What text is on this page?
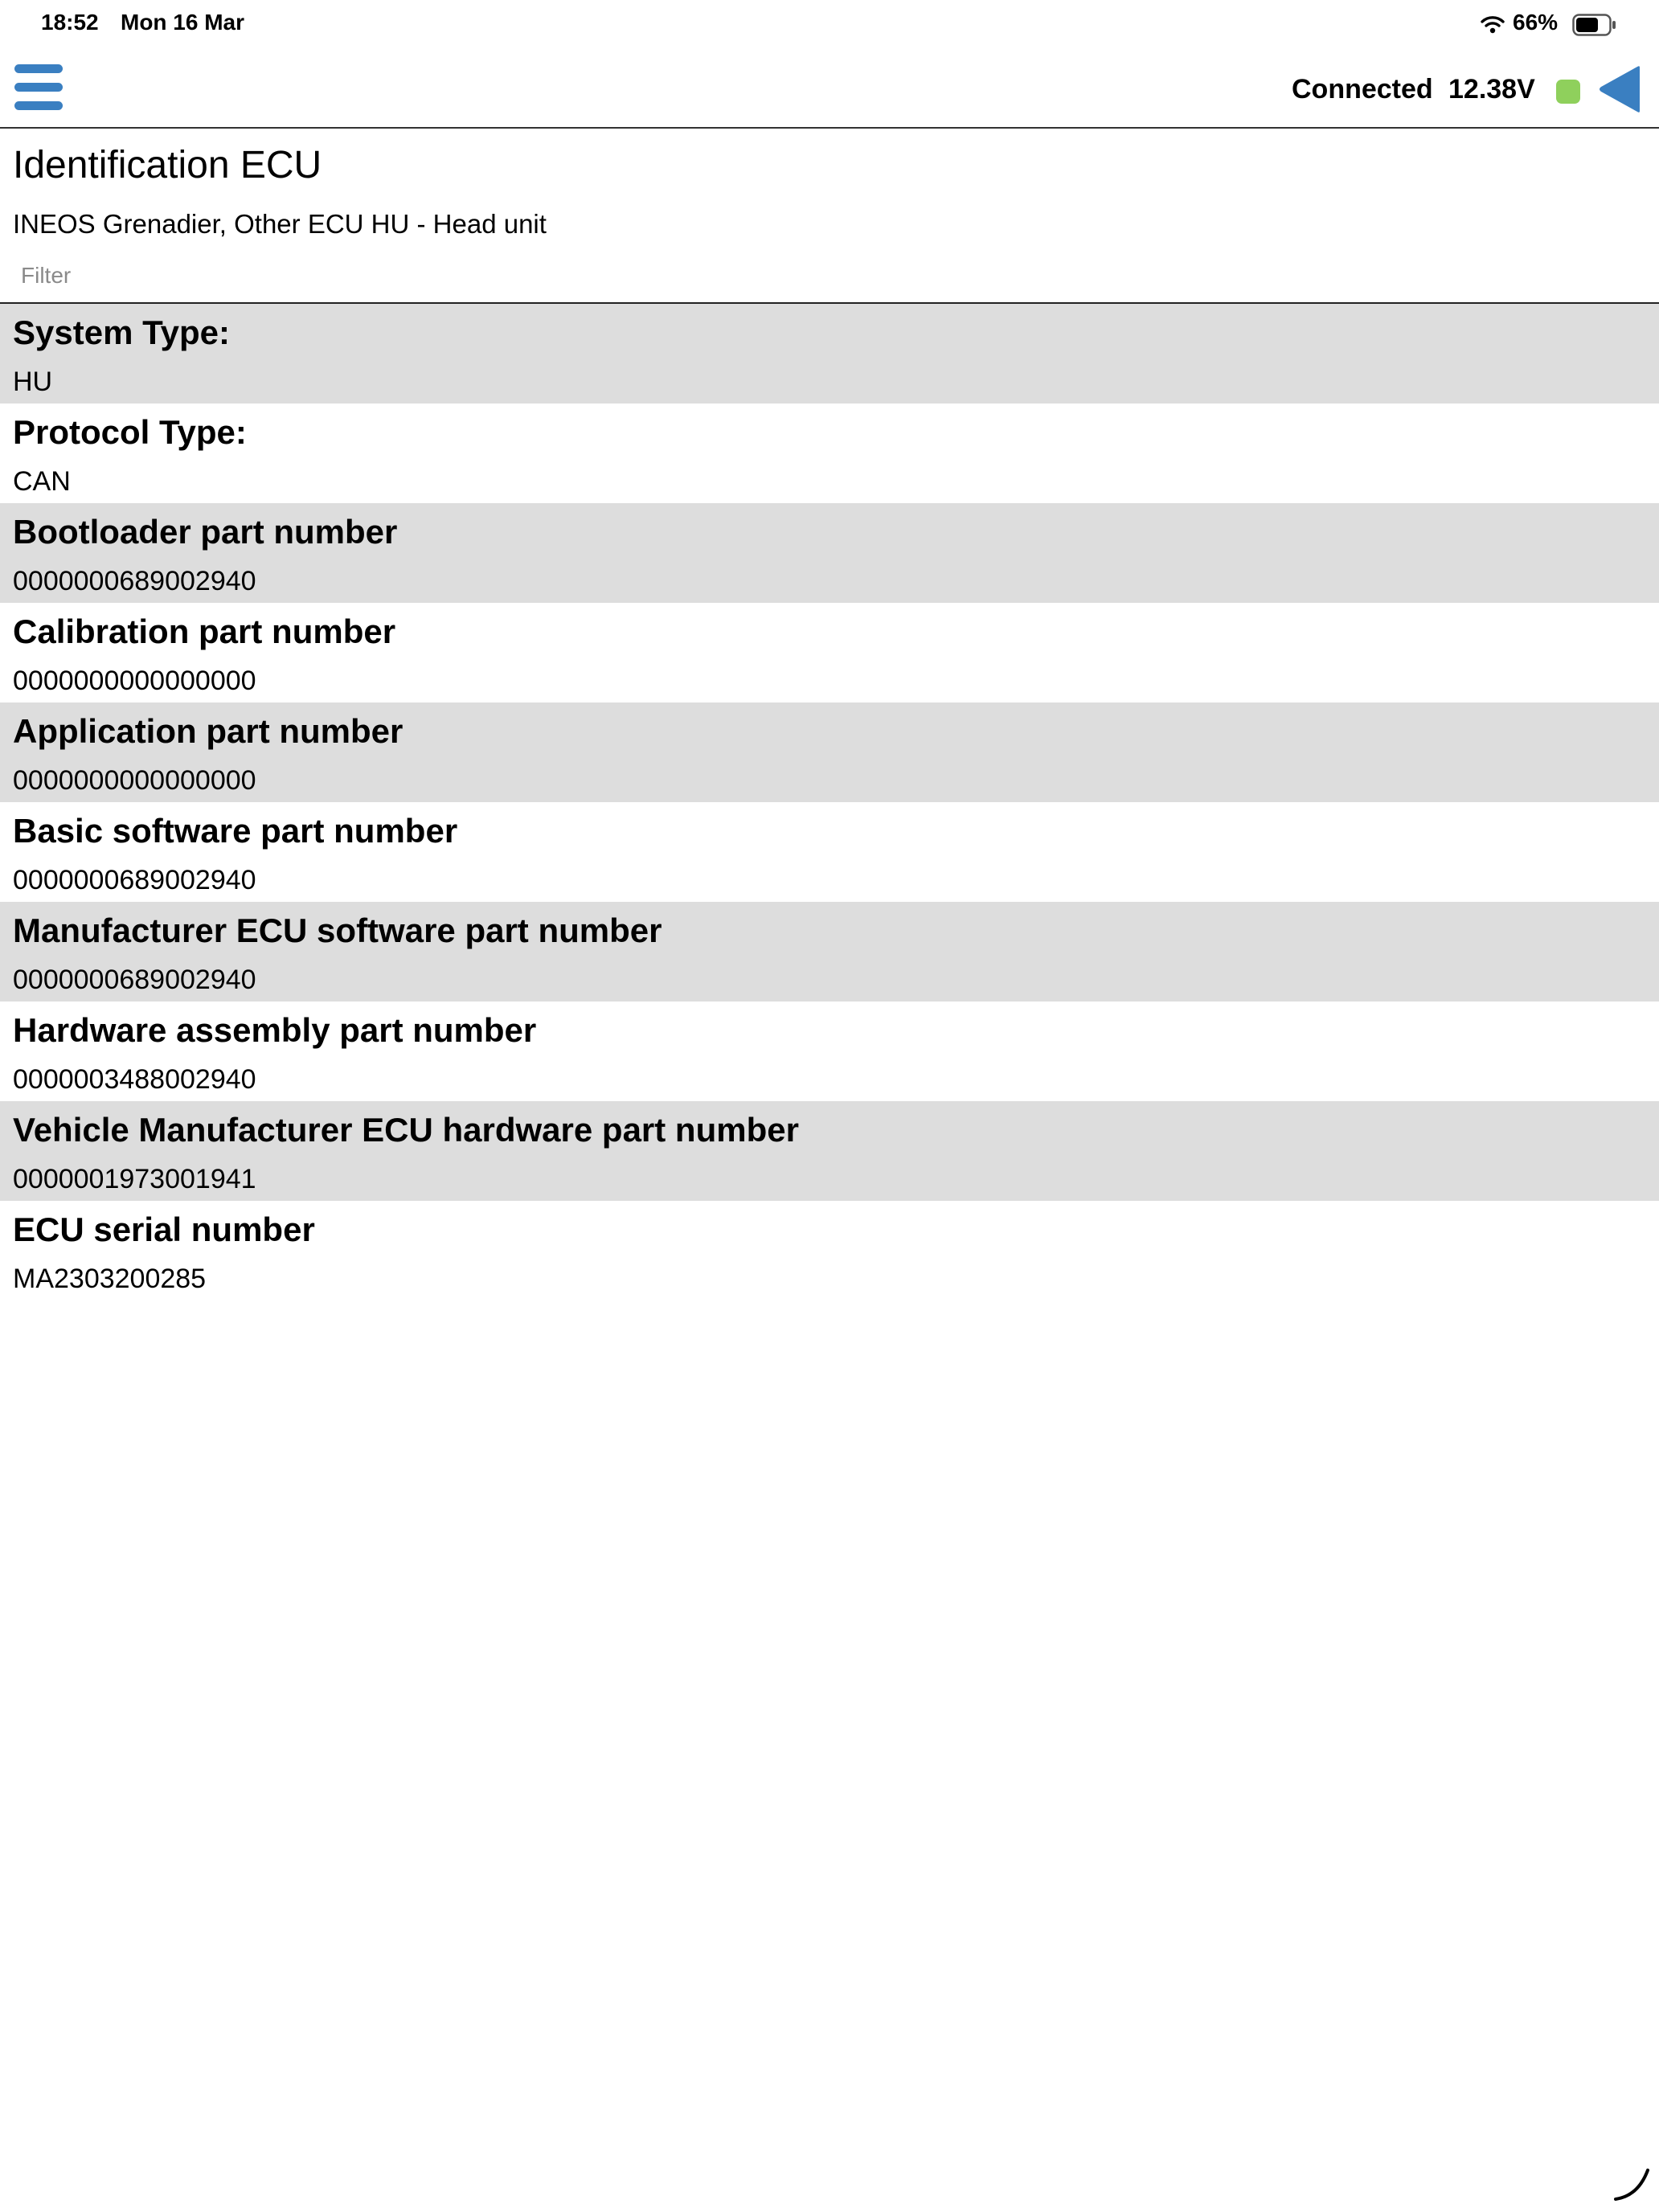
18:52 Mon 16 Mar	66%
Connected 12.38V
Identification ECU
INEOS Grenadier, Other ECU HU - Head unit
Filter
System Type:
HU
Protocol Type:
CAN
Bootloader part number
0000000689002940
Calibration part number
0000000000000000
Application part number
0000000000000000
Basic software part number
0000000689002940
Manufacturer ECU software part number
0000000689002940
Hardware assembly part number
0000003488002940
Vehicle Manufacturer ECU hardware part number
0000001973001941
ECU serial number
MA2303200285
